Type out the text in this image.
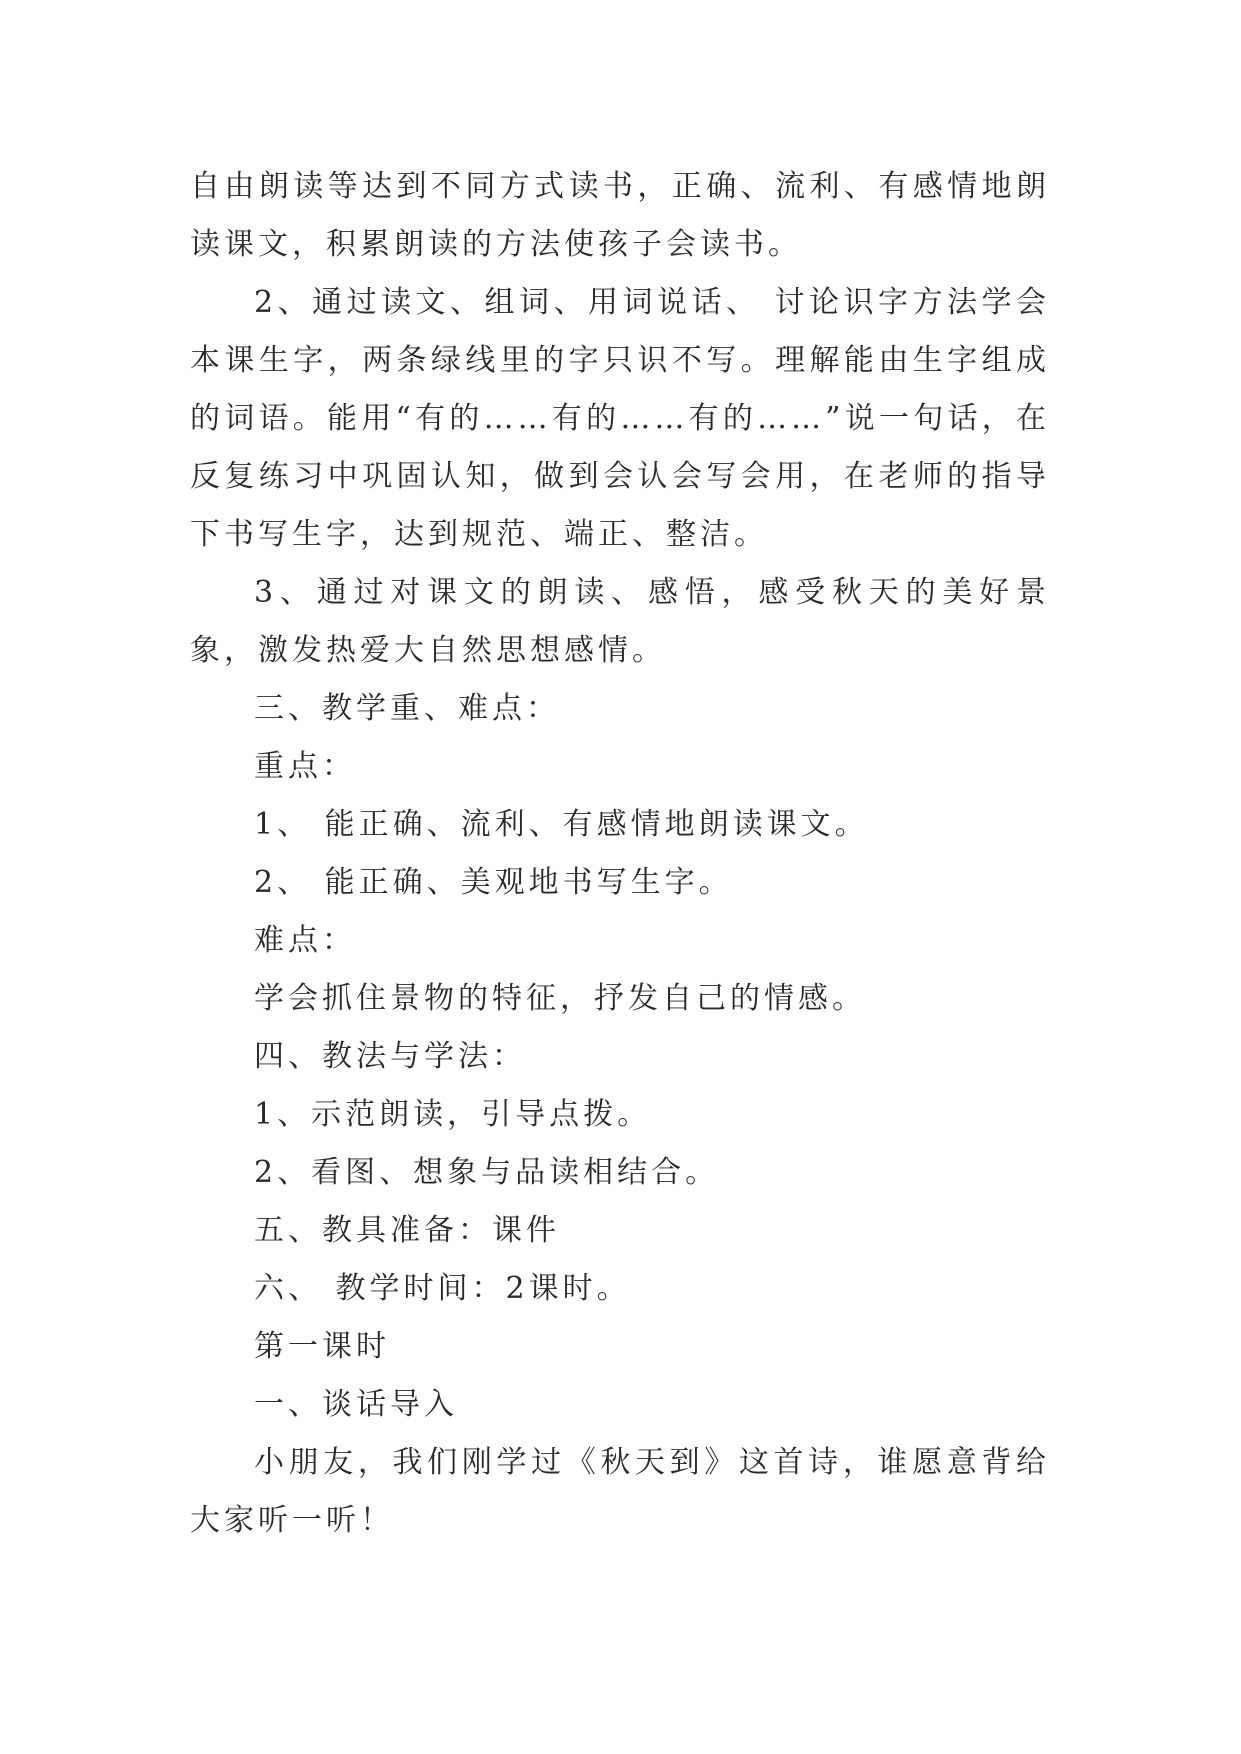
自由朗读等达到不同方式读书，正确、流利、有感情地朗读课文，积累朗读的方法使孩子会读书。

2、通过读文、组词、用词说话、 讨论识字方法学会本课生字，两条绿线里的字只识不写。理解能由生字组成的词语。能用“有的……有的……有的……”说一句话，在反复练习中巩固认知，做到会认会写会用，在老师的指导下书写生字，达到规范、端正、整洁。

3、通过对课文的朗读、感悟，感受秋天的美好景象，激发热爱大自然思想感情。

三、教学重、难点：

重点：

1、 能正确、流利、有感情地朗读课文。

2、 能正确、美观地书写生字。

难点：

学会抓住景物的特征，抒发自己的情感。

四、教法与学法：

1、示范朗读，引导点拨。

2、看图、想象与品读相结合。

五、教具准备：课件

六、 教学时间：2课时。

第一课时

一、谈话导入

小朋友，我们刚学过《秋天到》这首诗，谁愿意背给大家听一听！
